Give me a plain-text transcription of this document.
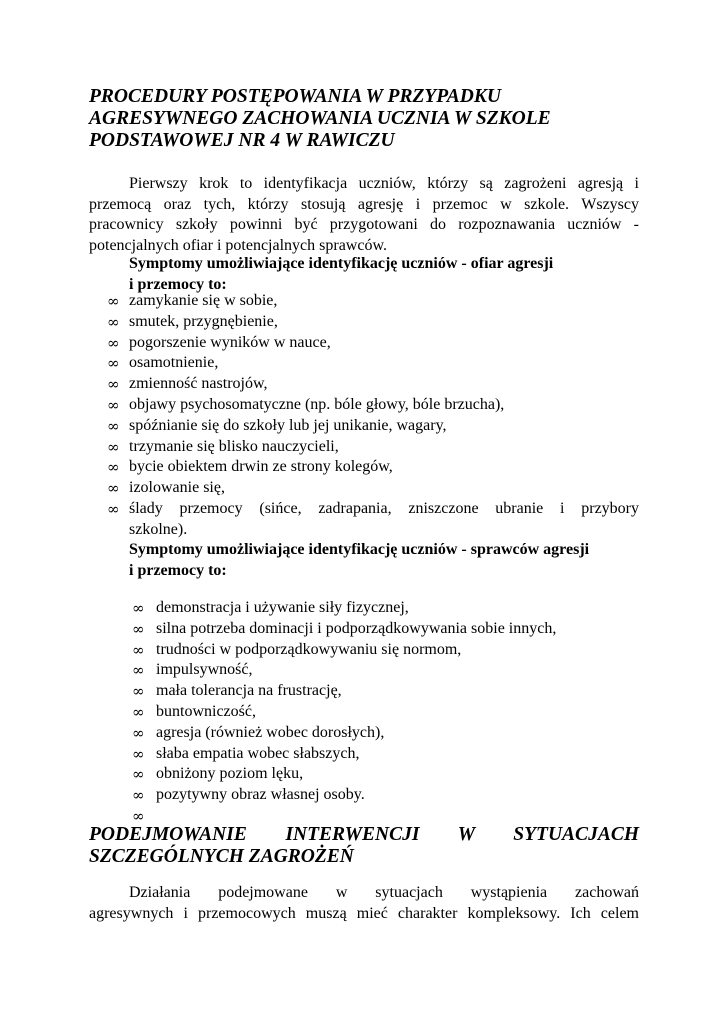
PROCEDURY POSTĘPOWANIA W PRZYPADKU
AGRESYWNEGO ZACHOWANIA UCZNIA W SZKOLE
PODSTAWOWEJ NR 4 W RAWICZU
Pierwszy krok to identyfikacja uczniów, którzy są zagrożeni agresją i
przemocą oraz tych, którzy stosują agresję i przemoc w szkole. Wszyscy
pracownicy szkoły powinni być przygotowani do rozpoznawania uczniów -
potencjalnych ofiar i potencjalnych sprawców.
Symptomy umożliwiające identyfikację uczniów - ofiar agresji
i przemocy to:
∞ zamykanie się w sobie,
∞ smutek, przygnębienie,
∞ pogorszenie wyników w nauce,
∞ osamotnienie,
∞ zmienność nastrojów,
∞ objawy psychosomatyczne (np. bóle głowy, bóle brzucha),
∞ spóźnianie się do szkoły lub jej unikanie, wagary,
∞ trzymanie się blisko nauczycieli,
∞ bycie obiektem drwin ze strony kolegów,
∞ izolowanie się,
∞ ślady przemocy (sińce, zadrapania, zniszczone ubranie i przybory
szkolne).
Symptomy umożliwiające identyfikację uczniów - sprawców agresji
i przemocy to:
∞ demonstracja i używanie siły fizycznej,
∞ silna potrzeba dominacji i podporządkowywania sobie innych,
∞ trudności w podporządkowywaniu się normom,
∞ impulsywność,
∞ mała tolerancja na frustrację,
∞ buntowniczość,
∞ agresja (również wobec dorosłych),
∞ słaba empatia wobec słabszych,
∞ obniżony poziom lęku,
∞ pozytywny obraz własnej osoby.
∞
PODEJMOWANIE INTERWENCJI W SYTUACJACH
SZCZEGÓLNYCH ZAGROŻEŃ
Działania podejmowane w sytuacjach wystąpienia zachowań
agresywnych i przemocowych muszą mieć charakter kompleksowy. Ich celem
